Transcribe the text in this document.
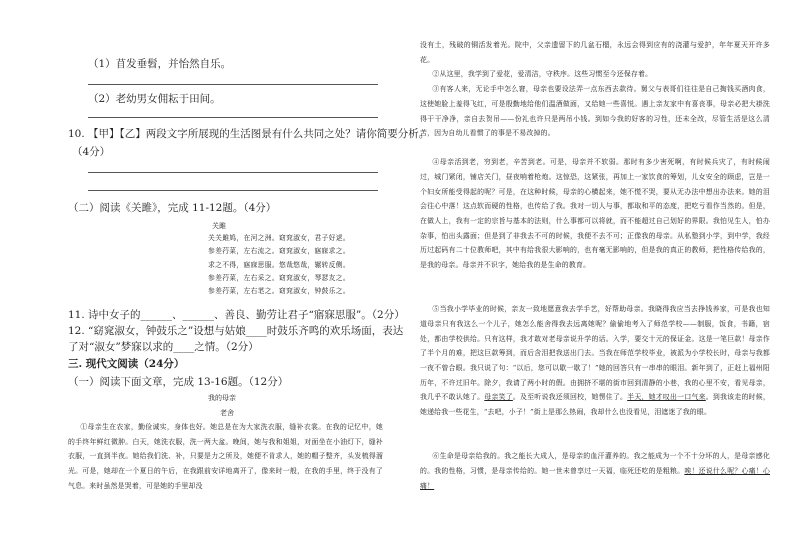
（1）苜发垂髫，并怡然自乐。
（2）老幼男女佣耘于田间。
10. 【甲】【乙】两段文字所展现的生活图景有什么共同之处？请你简要分析。
（4分）
（二）阅读《关雎》，完成 11-12题。（4分）
关雎
关关雎鸠，在河之洲。窈窕淑女，君子好逑。
参差荇菜，左右流之。窈窕淑女，寤寐求之。
求之不得，寤寐思服。悠哉悠哉，辗转反侧。
参差荇菜，左右采之。窈窕淑女，琴瑟友之。
参差荇菜，左右芼之。窈窕淑女，钟鼓乐之。
11. 诗中女子的______、______、善良、勤劳让君子“寤寐思服”。（2分）
12. “窈窕淑女，钟鼓乐之”设想与姑娘____时鼓乐齐鸣的欢乐场面，表达
了对“淑女”梦寐以求的____之情。（2分）
三. 现代文阅读（24分）
（一）阅读下面文章，完成 13-16题。（12分）
我的母亲
老舍

①母亲生在农家，勤俭诚实，身体也好。她总是在为大家洗衣服，缝补衣裳。在我的记忆中，她的手终年鲜红微肿。白天，她洗衣服，洗一两大盆。晚间，她与我和姐姐，对面坐在小油灯下，缝补衣服，一直到半夜。她给我们洗、补，只要是力之所及，她便不肯求人，她的帽子整齐，头发梳得溜光。可是，她却在一个夏日的午后，在我跟前安详地离开了，像来时一般，在我的手里，终于没有了气息。来时虽然是哭着，可是她的手里却没

没有土，残破的铜活发着光。院中，父亲遗留下的几盆石榴，永远会得到应有的浇灌与爱护，年年夏天开许多花。

②从这里，我学到了爱花，爱清洁，守秩序。这些习惯至今还保存着。

③有客人来，无论手中怎么窘，母亲也要设法弄一点东西去款待。舅父与表哥们往往是自己掏钱买酒肉食，这使她脸上羞得飞红，可是殷勤地给他们温酒做面，又给她一些喜悦。遇上亲友家中有喜丧事，母亲必把大褂洗得干干净净，亲自去贺吊——份礼也许只是两吊小钱。到如今我的好客的习性，还未全改，尽管生活是这么清苦，因为自幼儿看惯了的事是不易改掉的。

④母亲活到老，穷到老，辛苦到老。可是，母亲并不软弱。那时有多少害死啊，有时候兵灾了，有时候闹过，城门紧闭，铺店关门，昼夜响着枪炮。这惊恐，这紧张，再加上一家饮食的筹划，儿女安全的顾虑，岂是一个妇女所能受得起的呢？可是，在这种时候，母亲的心横起来，她不慌不哭，要从无办法中想出办法来。她的泪会往心中落！这点软而硬的性格，也传给了我。我对一切人与事，都取和平的态度，把吃亏看作当然的。但是，在做人上，我有一定的宗旨与基本的法则，什么事都可以将就，而不能超过自己划好的界限。我怕见生人，怕办杂事，怕出头露面；但是到了非我去不可的时候，我便不去不可；正像我的母亲。从私塾到小学，到中学，我经历过起码有二十位教师吧，其中有给我很大影响的，也有毫无影响的，但是我的真正的教师，把性格传给我的，是我的母亲。母亲并不识字，她给我的是生命的教育。

⑤当我小学毕业的时候，亲友一致地愿意我去学手艺，好帮助母亲。我晓得我应当去挣钱养家，可是我也知道母亲只有我这么一个儿子，她怎么能舍得我去远离她呢？偷偷地考入了师范学校——制服，饭食，书籍，宿处，都由学校供给。只有这样，我才敢对老母亲说升学的话。入学，要交十元的保证金。这是一笔巨款！母亲作了半个月的难，把这巨款筹到，而后含泪把我送出门去。当我在师范学校毕业，被派为小学校长时，母亲与我都一夜不曾合眼。我只说了句：“以后，您可以歇一歇了！”她的回答只有一串串的眼泪。新年到了，正赶上福州阳历年，不许过旧年。除夕，我请了两小时的假。由拥挤不堪的街市回到清静的小巷，我的心里不安，看见母亲，我几乎不敢认她了。母亲笑了。及至听说我还须回校，她愣住了。半天，她才叹出一口气来。到我该走的时候，她递给我一些花生，“去吧，小子！”街上是那么热闹，我却什么也没看见，泪遮迷了我的眼。

⑥生命是母亲给我的。我之能长大成人，是母亲的血汗灌养的。我之能成为一个不十分坏的人，是母亲感化的。我的性格，习惯，是母亲传给的。她一世未曾享过一天福，临死还吃的是粗粮。唉！还说什么呢？心痛！心痛！
